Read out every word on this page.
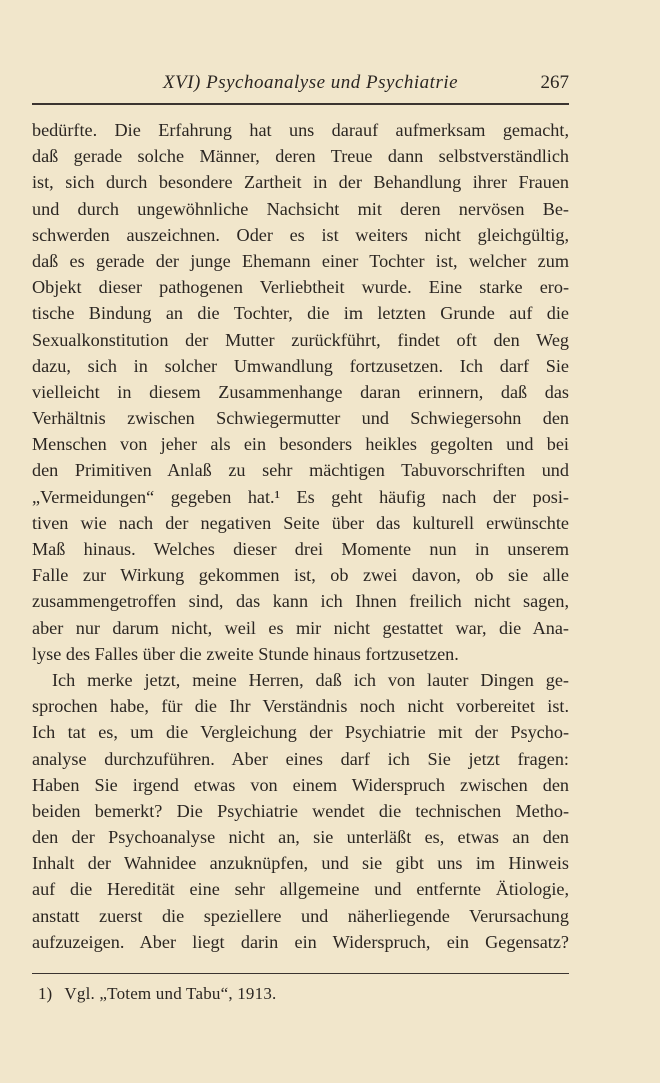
XVI) Psychoanalyse und Psychiatrie	267
bedürfte. Die Erfahrung hat uns darauf aufmerksam gemacht,
daß gerade solche Männer, deren Treue dann selbstverständlich
ist, sich durch besondere Zartheit in der Behandlung ihrer Frauen
und durch ungewöhnliche Nachsicht mit deren nervösen Be-
schwerden auszeichnen. Oder es ist weiters nicht gleichgültig,
daß es gerade der junge Ehemann einer Tochter ist, welcher zum
Objekt dieser pathogenen Verliebtheit wurde. Eine starke ero-
tische Bindung an die Tochter, die im letzten Grunde auf die
Sexualkonstitution der Mutter zurückführt, findet oft den Weg
dazu, sich in solcher Umwandlung fortzusetzen. Ich darf Sie
vielleicht in diesem Zusammenhange daran erinnern, daß das
Verhältnis zwischen Schwiegermutter und Schwiegersohn den
Menschen von jeher als ein besonders heikles gegolten und bei
den Primitiven Anlaß zu sehr mächtigen Tabuvorschriften und
„Vermeidungen“ gegeben hat.¹ Es geht häufig nach der posi-
tiven wie nach der negativen Seite über das kulturell erwünschte
Maß hinaus. Welches dieser drei Momente nun in unserem
Falle zur Wirkung gekommen ist, ob zwei davon, ob sie alle
zusammengetroffen sind, das kann ich Ihnen freilich nicht sagen,
aber nur darum nicht, weil es mir nicht gestattet war, die Ana-
lyse des Falles über die zweite Stunde hinaus fortzusetzen.
Ich merke jetzt, meine Herren, daß ich von lauter Dingen ge-
sprochen habe, für die Ihr Verständnis noch nicht vorbereitet ist.
Ich tat es, um die Vergleichung der Psychiatrie mit der Psycho-
analyse durchzuführen. Aber eines darf ich Sie jetzt fragen:
Haben Sie irgend etwas von einem Widerspruch zwischen den
beiden bemerkt? Die Psychiatrie wendet die technischen Metho-
den der Psychoanalyse nicht an, sie unterläßt es, etwas an den
Inhalt der Wahnidee anzuknüpfen, und sie gibt uns im Hinweis
auf die Heredität eine sehr allgemeine und entfernte Ätiologie,
anstatt zuerst die speziellere und näherliegende Verursachung
aufzuzeigen. Aber liegt darin ein Widerspruch, ein Gegensatz?
1) Vgl. „Totem und Tabu“, 1913.
